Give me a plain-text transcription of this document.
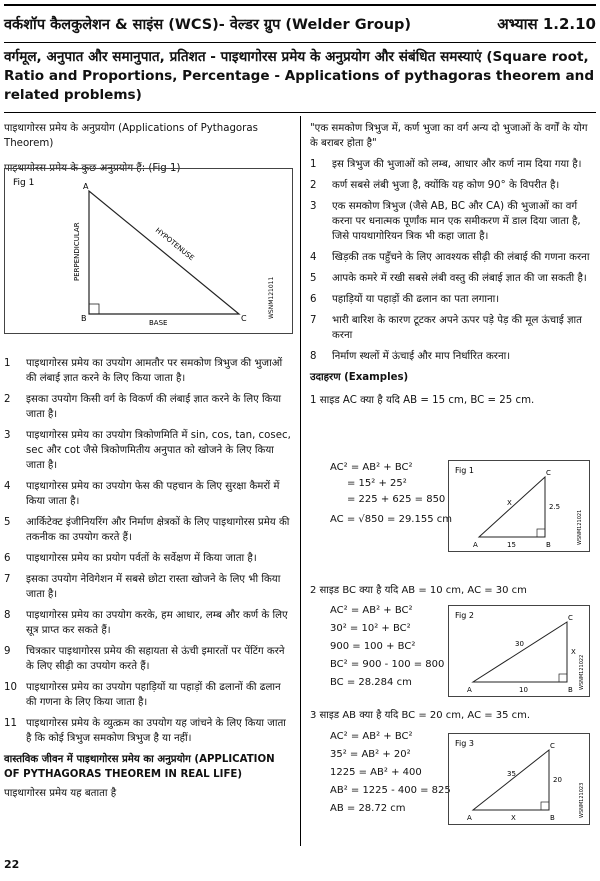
वर्कशॉप कैलकुलेशन & साइंस (WCS)- वेल्डर ग्रुप (Welder Group)	अभ्यास 1.2.10
वर्गमूल, अनुपात और समानुपात, प्रतिशत - पाइथागोरस प्रमेय के अनुप्रयोग और संबंधित समस्याएं (Square root, Ratio and Proportions, Percentage - Applications of pythagoras theorem and related problems)
पाइथागोरस प्रमेय के अनुप्रयोग (Applications of Pythagoras Theorem)
पाइथागोरस प्रमेय के कुछ अनुप्रयोग हैं: (Fig 1)
1	पाइथागोरस प्रमेय का उपयोग आमतौर पर समकोण त्रिभुज की भुजाओं की लंबाई ज्ञात करने के लिए किया जाता है।
2	इसका उपयोग किसी वर्ग के विकर्ण की लंबाई ज्ञात करने के लिए किया जाता है।
3	पाइथागोरस प्रमेय का उपयोग त्रिकोणमिति में sin, cos, tan, cosec, sec और cot जैसे त्रिकोणमितीय अनुपात को खोजने के लिए किया जाता है।
4	पाइथागोरस प्रमेय का उपयोग फेस की पहचान के लिए सुरक्षा कैमरों में किया जाता है।
5	आर्किटेक्ट इंजीनियरिंग और निर्माण क्षेत्रकों के लिए पाइथागोरस प्रमेय की तकनीक का उपयोग करते हैं।
6	पाइथागोरस प्रमेय का प्रयोग पर्वतों के सर्वेक्षण में किया जाता है।
7	इसका उपयोग नेविगेशन में सबसे छोटा रास्ता खोजने के लिए भी किया जाता है।
8	पाइथागोरस प्रमेय का उपयोग करके, हम आधार, लम्ब और कर्ण के लिए सूत्र प्राप्त कर सकते हैं।
9	चित्रकार पाइथागोरस प्रमेय की सहायता से ऊंची इमारतों पर पेंटिंग करने के लिए सीढ़ी का उपयोग करते हैं।
10 पाइथागोरस प्रमेय का उपयोग पहाड़ियों या पहाड़ों की ढलानों की ढलान की गणना के लिए किया जाता है।
11 पाइथागोरस प्रमेय के व्युत्क्रम का उपयोग यह जांचने के लिए किया जाता है कि कोई त्रिभुज समकोण त्रिभुज है या नहीं।
वास्तविक जीवन में पाइथागोरस प्रमेय का अनुप्रयोग (APPLICATION OF PYTHAGORAS THEOREM IN REAL LIFE)
पाइथागोरस प्रमेय यह बताता है
Fig 1	A
B	C
PERPENDICULAR	HYPOTENUSE
BASE
WSNM121011
"एक समकोण त्रिभुज में, कर्ण भुजा का वर्ग अन्य दो भुजाओं के वर्गों के योग के बराबर होता है"
1	इस त्रिभुज की भुजाओं को लम्ब, आधार और कर्ण नाम दिया गया है।
2	कर्ण सबसे लंबी भुजा है, क्योंकि यह कोण 90° के विपरीत है।
3	एक समकोण त्रिभुज (जैसे AB, BC और CA) की भुजाओं का वर्ग करना पर धनात्मक पूर्णांक मान एक समीकरण में डाल दिया जाता है, जिसे पायथागोरियन त्रिक भी कहा जाता है।
4	खिड़की तक पहुँचने के लिए आवश्यक सीढ़ी की लंबाई की गणना करना
5	आपके कमरे में रखी सबसे लंबी वस्तु की लंबाई ज्ञात की जा सकती है।
6	पहाड़ियों या पहाड़ों की ढलान का पता लगाना।
7	भारी बारिश के कारण टूटकर अपने ऊपर पड़े पेड़ की मूल ऊंचाई ज्ञात करना
8	निर्माण स्थलों में ऊंचाई और माप निर्धारित करना।
उदाहरण (Examples)
1 साइड AC क्या है यदि AB = 15 cm, BC = 25 cm.
AC² = AB² + BC²
= 15² + 25²
= 225 + 625 = 850
AC = √850 = 29.155 cm
2 साइड BC क्या है यदि AB = 10 cm, AC = 30 cm
AC² = AB² + BC²
30² = 10² + BC²
900 = 100 + BC²
BC² = 900 - 100 = 800
BC = 28.284 cm
3 साइड AB क्या है यदि BC = 20 cm, AC = 35 cm.
AC² = AB² + BC²
35² = AB² + 20²
1225 = AB² + 400
AB² = 1225 - 400 = 825
AB = 28.72 cm
Fig 1
A	B
C
X	2.5
15	WSNM121021
Fig 2
A	B
C
X
30
10	WSNM121022
Fig 3
A	B
C
X
35
20
WSNM121023
22
